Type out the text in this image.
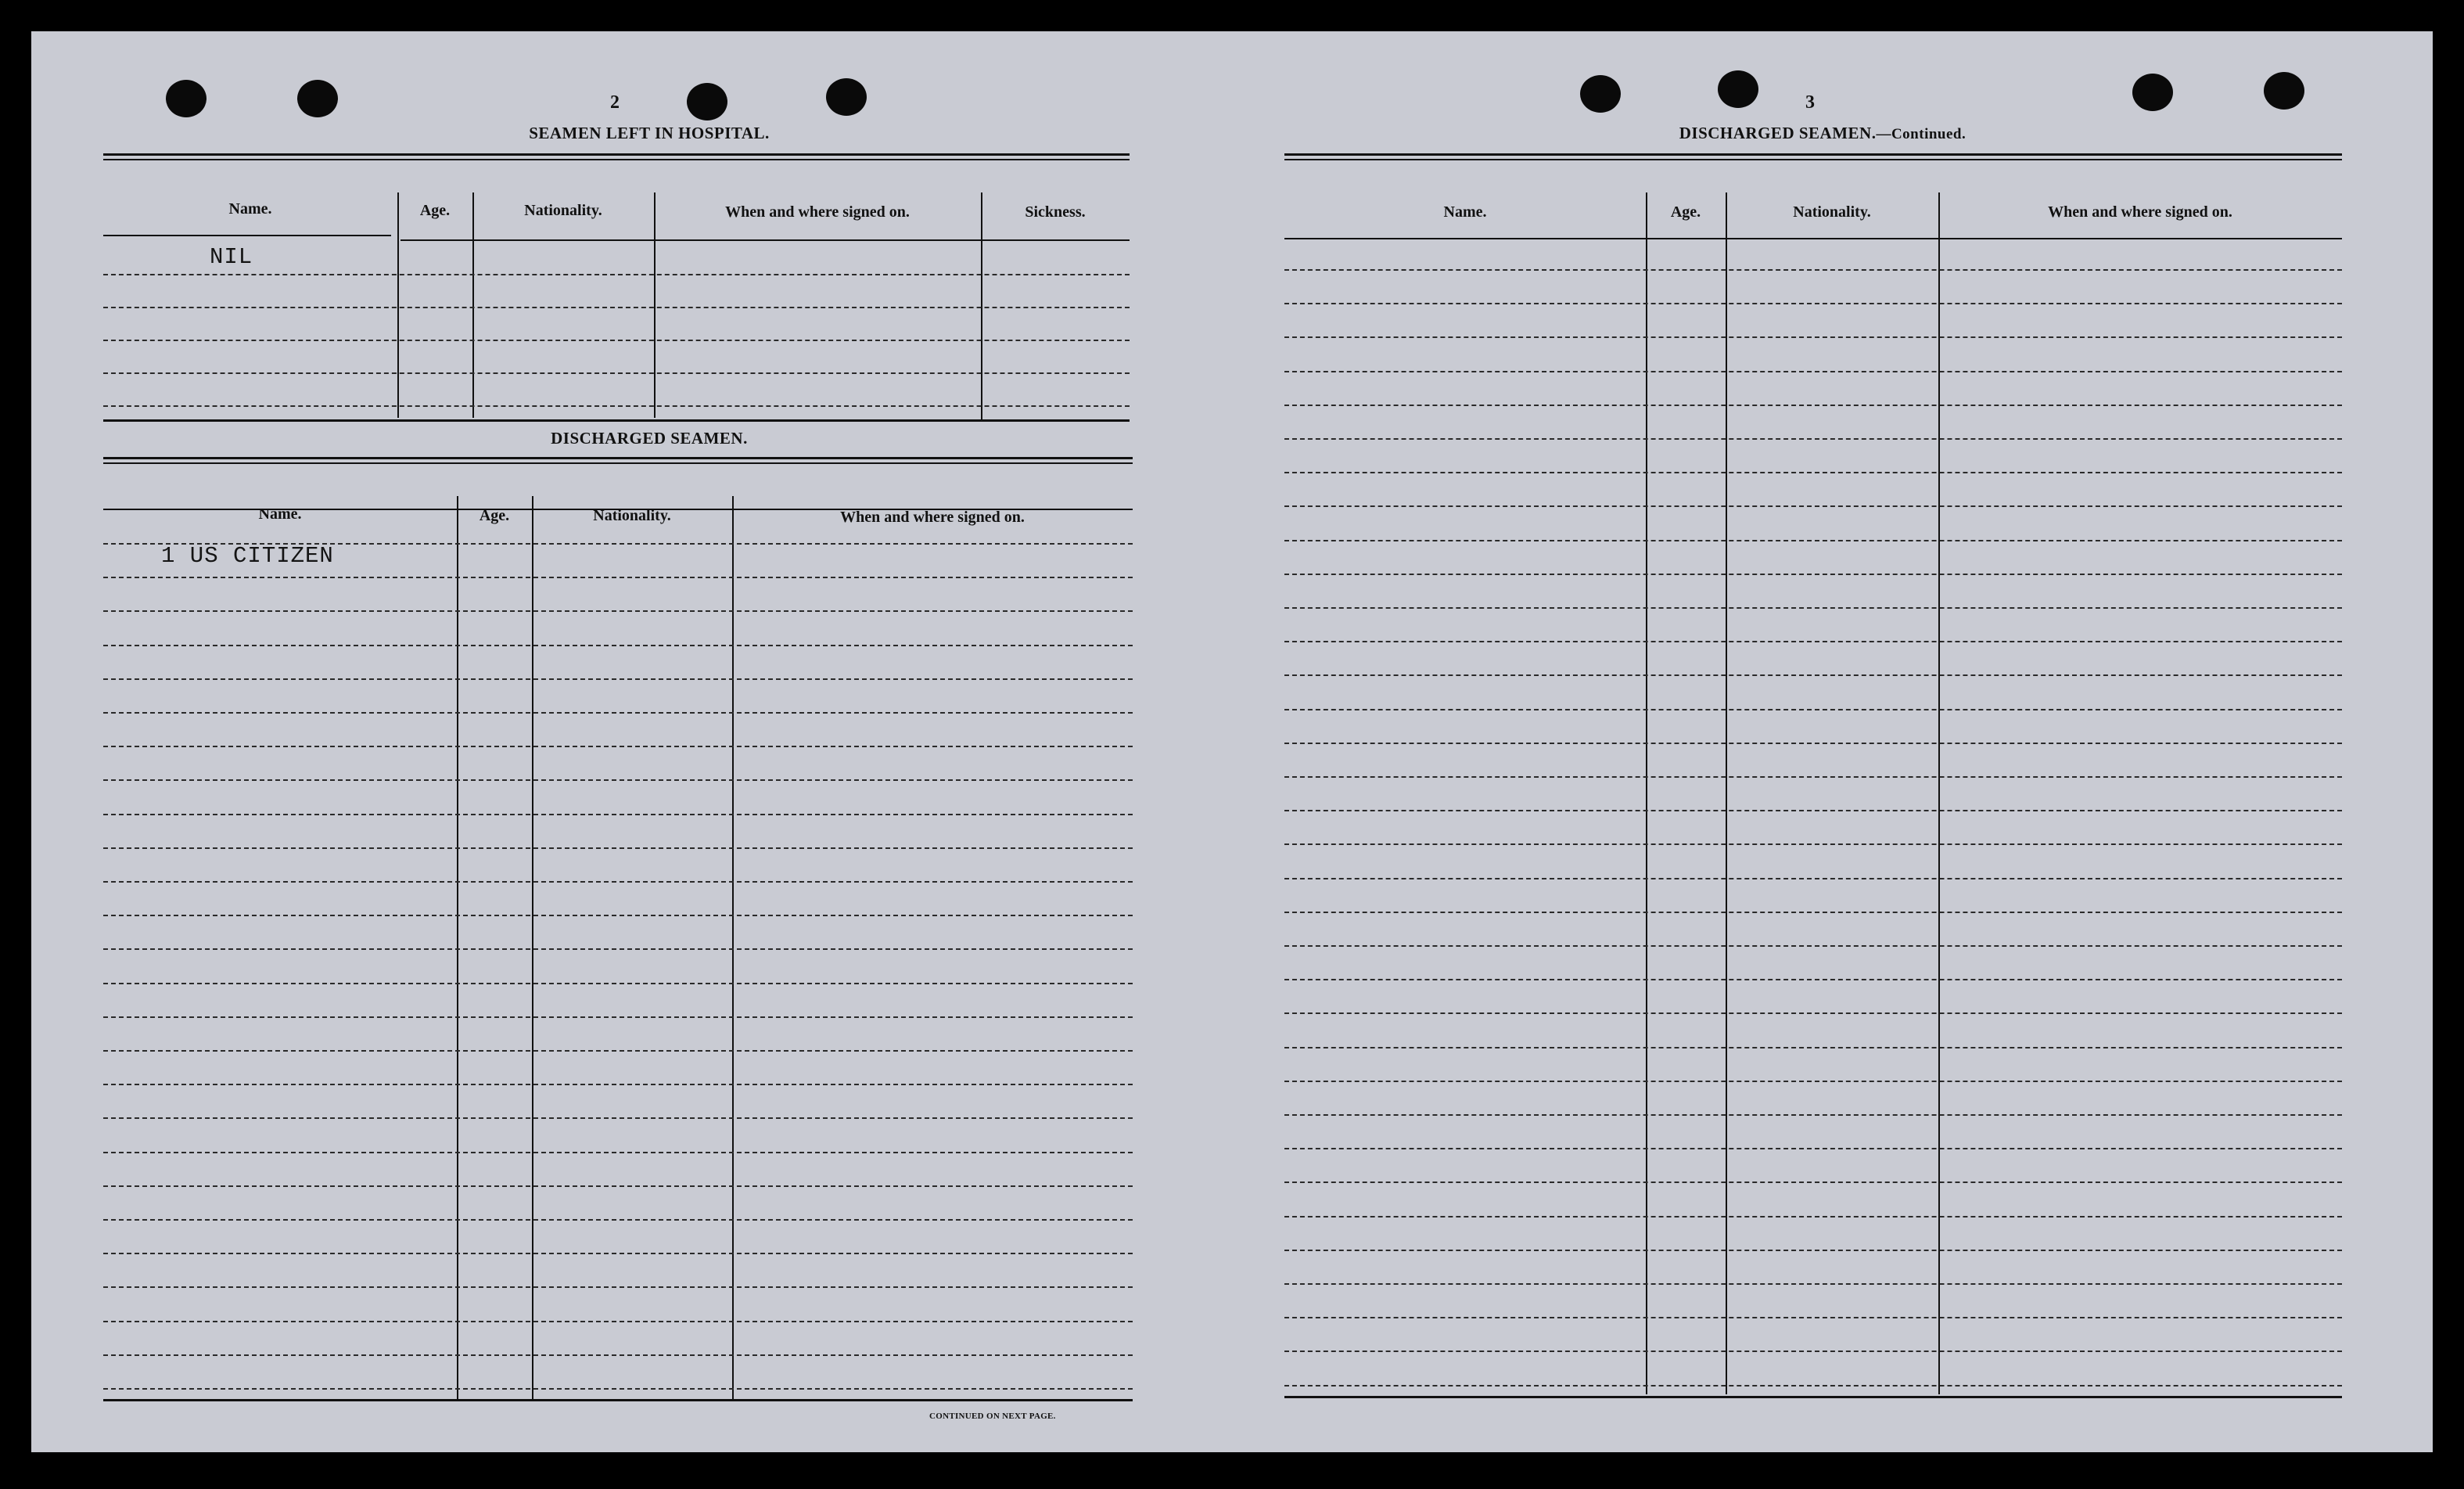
2
SEAMEN LEFT IN HOSPITAL.
Name.	Age.	Nationality.	When and where signed on.	Sickness.
NIL
DISCHARGED SEAMEN.
Name.	Age.	Nationality.	When and where signed on.
1 US CITIZEN
CONTINUED ON NEXT PAGE.
3
DISCHARGED SEAMEN.—Continued.
Name.	Age.	Nationality.	When and where signed on.
